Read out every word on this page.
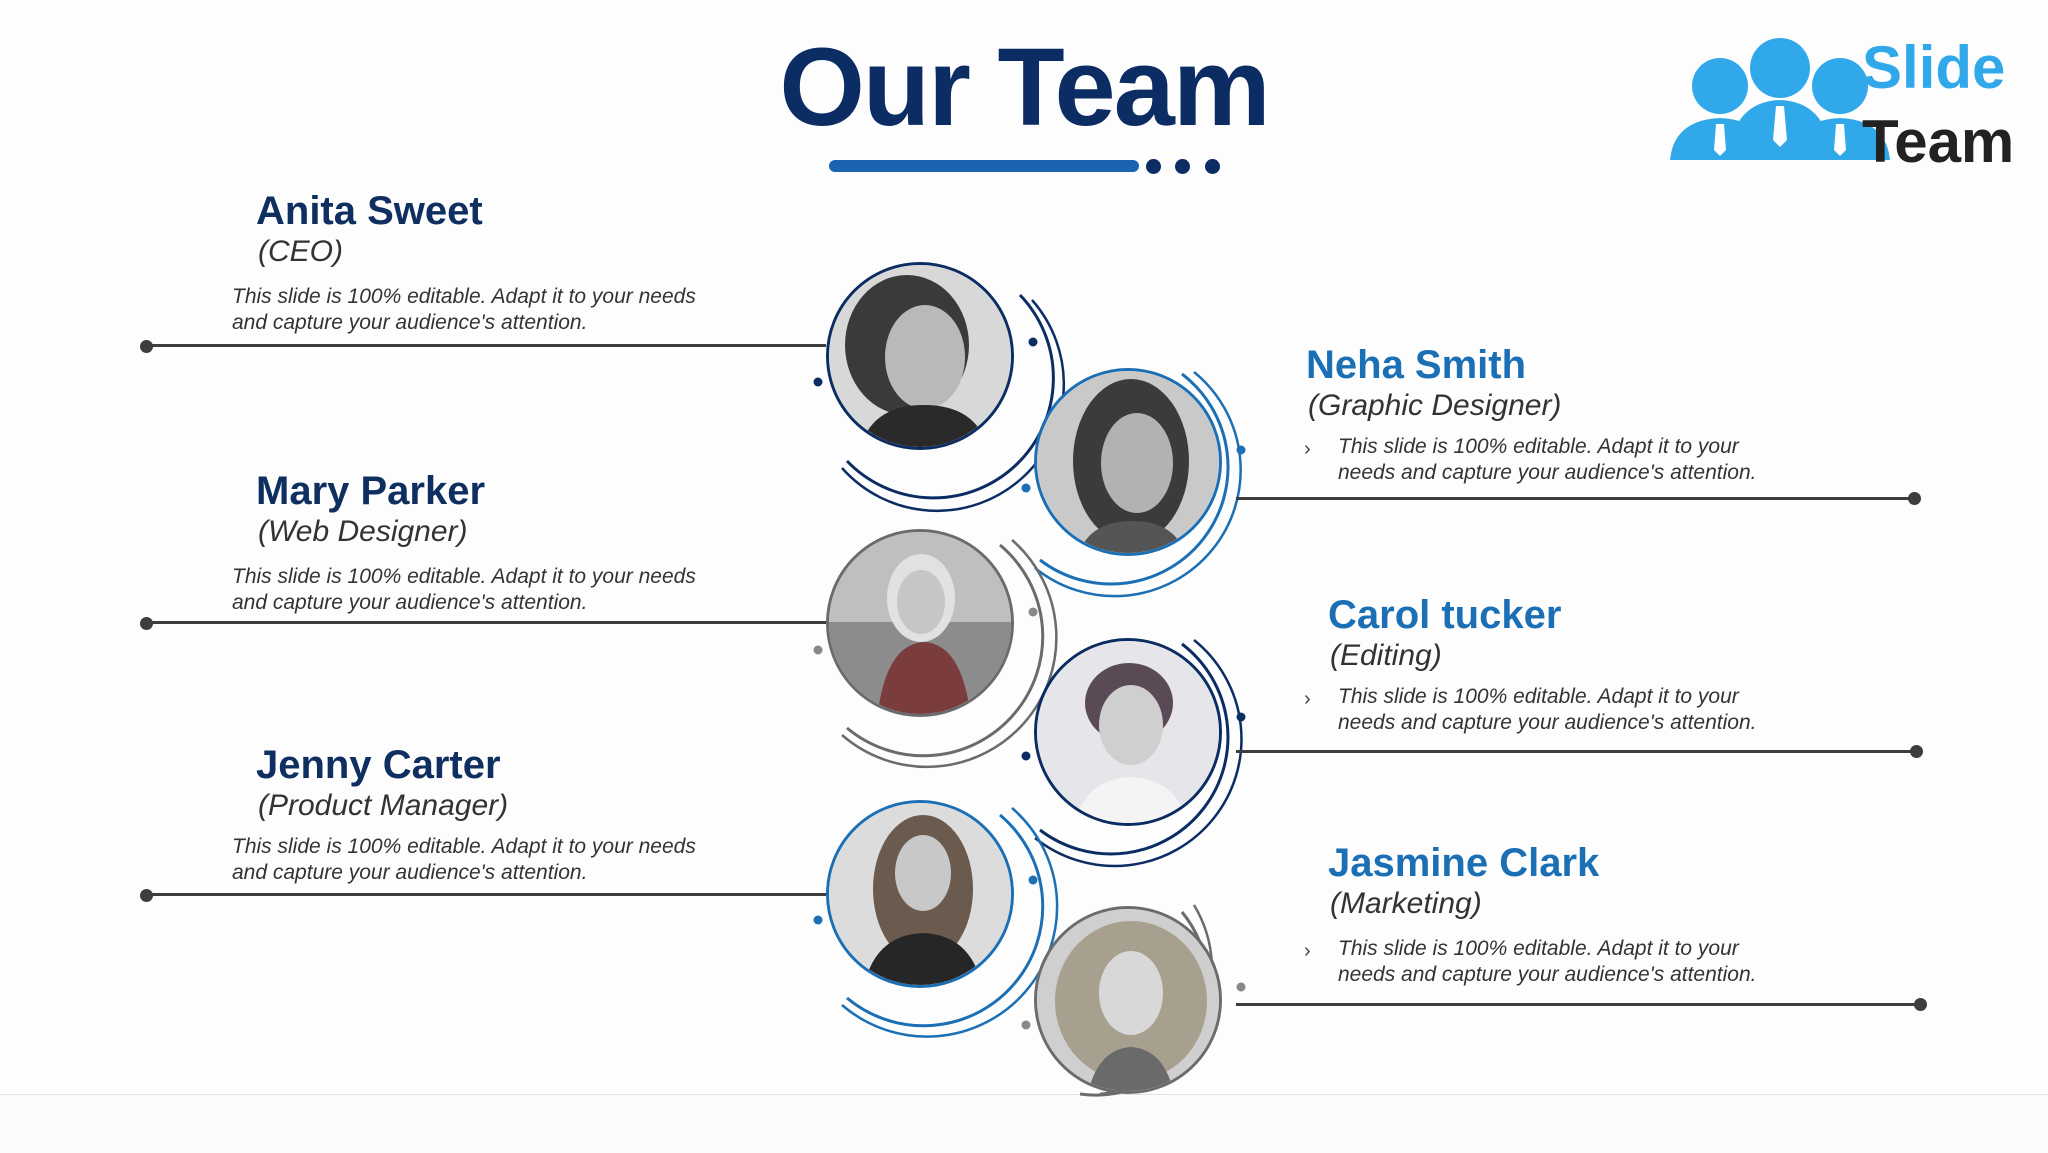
Our Team	Slide
Team
Anita Sweet
(CEO)
This slide is 100% editable. Adapt it to your needs and capture your audience's attention.
Mary Parker
(Web Designer)
This slide is 100% editable. Adapt it to your needs and capture your audience's attention.
Jenny Carter
(Product Manager)
This slide is 100% editable. Adapt it to your needs and capture your audience's attention.
Neha Smith
(Graphic Designer)
› This slide is 100% editable. Adapt it to your needs and capture your audience's attention.
Carol tucker
(Editing)
› This slide is 100% editable. Adapt it to your needs and capture your audience's attention.
Jasmine Clark
(Marketing)
› This slide is 100% editable. Adapt it to your needs and capture your audience's attention.
